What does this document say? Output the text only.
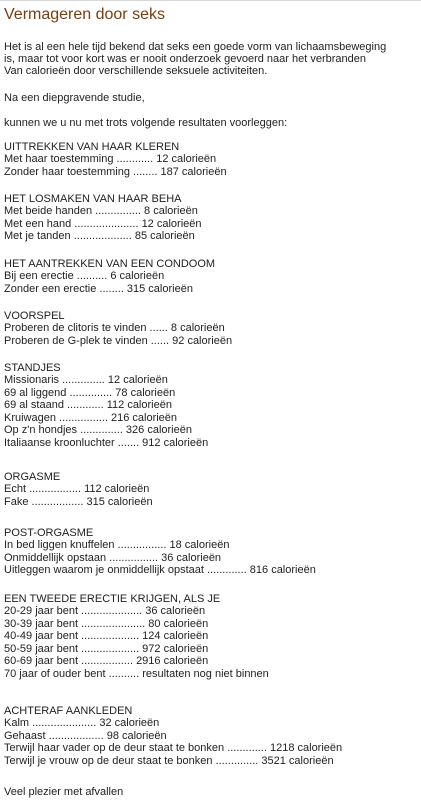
Vermageren door seks
Het is al een hele tijd bekend dat seks een goede vorm van lichaamsbeweging
is, maar tot voor kort was er nooit onderzoek gevoerd naar het verbranden
Van calorieën door verschillende seksuele activiteiten.
Na een diepgravende studie,
kunnen we u nu met trots volgende resultaten voorleggen:
UITTREKKEN VAN HAAR KLEREN
Met haar toestemming ............ 12 calorieën
Zonder haar toestemming ........ 187 calorieën
HET LOSMAKEN VAN HAAR BEHA
Met beide handen ............... 8 calorieën
Met een hand ..................... 12 calorieën
Met je tanden ................... 85 calorieën
HET AANTREKKEN VAN EEN CONDOOM
Bij een erectie .......... 6 calorieën
Zonder een erectie ........ 315 calorieën
VOORSPEL
Proberen de clitoris te vinden ...... 8 calorieën
Proberen de G-plek te vinden ...... 92 calorieën
STANDJES
Missionaris .............. 12 calorieën
69 al liggend .............. 78 calorieën
69 al staand ............ 112 calorieën
Kruiwagen ................ 216 calorieën
Op z'n hondjes .............. 326 calorieën
Italiaanse kroonluchter ....... 912 calorieën
ORGASME
Echt ................. 112 calorieën
Fake ................. 315 calorieën
POST-ORGASME
In bed liggen knuffelen ................ 18 calorieën
Onmiddellijk opstaan ................ 36 calorieën
Uitleggen waarom je onmiddellijk opstaat ............. 816 calorieën
EEN TWEEDE ERECTIE KRIJGEN, ALS JE
20-29 jaar bent .................... 36 calorieën
30-39 jaar bent ..................... 80 calorieën
40-49 jaar bent ................... 124 calorieën
50-59 jaar bent ................... 972 calorieën
60-69 jaar bent ................. 2916 calorieën
70 jaar of ouder bent .......... resultaten nog niet binnen
ACHTERAF AANKLEDEN
Kalm ..................... 32 calorieën
Gehaast .................. 98 calorieën
Terwijl haar vader op de deur staat te bonken ............. 1218 calorieën
Terwijl je vrouw op de deur staat te bonken .............. 3521 calorieën
Veel plezier met afvallen
